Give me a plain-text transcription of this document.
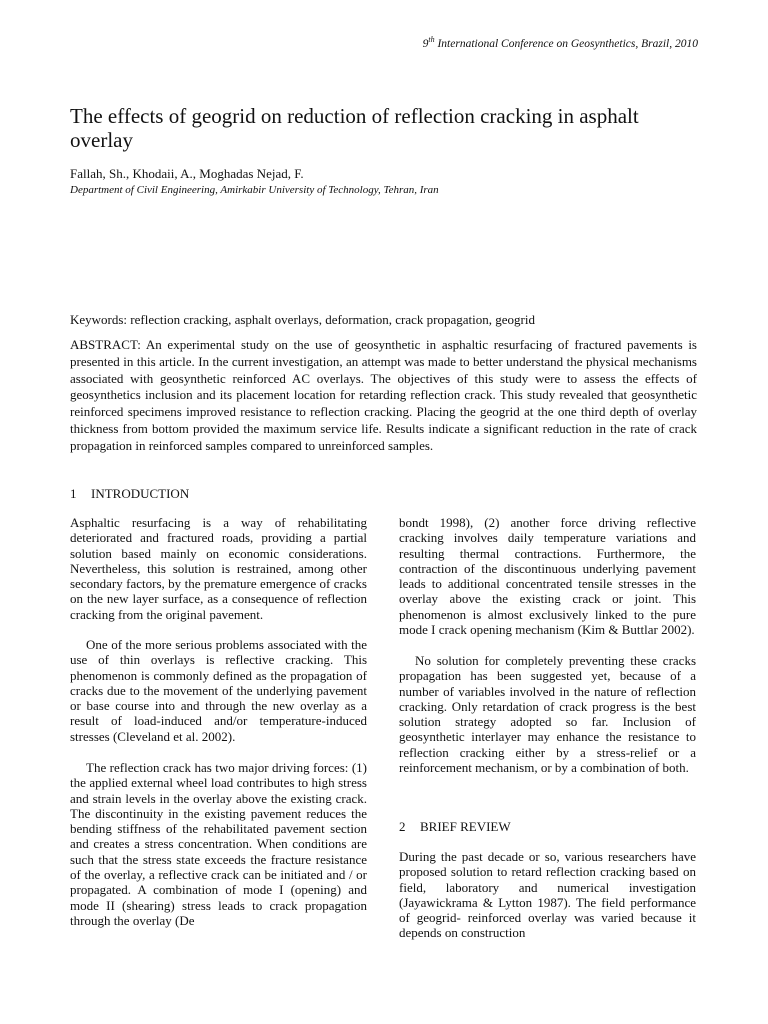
9th International Conference on Geosynthetics, Brazil, 2010
The effects of geogrid on reduction of reflection cracking in asphalt overlay
Fallah, Sh., Khodaii, A., Moghadas Nejad, F.
Department of Civil Engineering, Amirkabir University of Technology, Tehran, Iran
Keywords: reflection cracking, asphalt overlays, deformation, crack propagation, geogrid

ABSTRACT: An experimental study on the use of geosynthetic in asphaltic resurfacing of fractured pavements is presented in this article. In the current investigation, an attempt was made to better understand the physical mechanisms associated with geosynthetic reinforced AC overlays. The objectives of this study were to assess the effects of geosynthetics inclusion and its placement location for retarding reflection crack. This study revealed that geosynthetic reinforced specimens improved resistance to reflection cracking. Placing the geogrid at the one third depth of overlay thickness from bottom provided the maximum service life. Results indicate a significant reduction in the rate of crack propagation in reinforced samples compared to unreinforced samples.

1 INTRODUCTION

Asphaltic resurfacing is a way of rehabilitating deteriorated and fractured roads, providing a partial solution based mainly on economic considerations. Nevertheless, this solution is restrained, among other secondary factors, by the premature emergence of cracks on the new layer surface, as a consequence of reflection cracking from the original pavement.

One of the more serious problems associated with the use of thin overlays is reflective cracking. This phenomenon is commonly defined as the propagation of cracks due to the movement of the underlying pavement or base course into and through the new overlay as a result of load-induced and/or temperature-induced stresses (Cleveland et al. 2002).

The reflection crack has two major driving forces: (1) the applied external wheel load contributes to high stress and strain levels in the overlay above the existing crack. The discontinuity in the existing pavement reduces the bending stiffness of the rehabilitated pavement section and creates a stress concentration. When conditions are such that the stress state exceeds the fracture resistance of the overlay, a reflective crack can be initiated and / or propagated. A combination of mode I (opening) and mode II (shearing) stress leads to crack propagation through the overlay (De

bondt 1998), (2) another force driving reflective cracking involves daily temperature variations and resulting thermal contractions. Furthermore, the contraction of the discontinuous underlying pavement leads to additional concentrated tensile stresses in the overlay above the existing crack or joint. This phenomenon is almost exclusively linked to the pure mode I crack opening mechanism (Kim & Buttlar 2002).

No solution for completely preventing these cracks propagation has been suggested yet, because of a number of variables involved in the nature of reflection cracking. Only retardation of crack progress is the best solution strategy adopted so far. Inclusion of geosynthetic interlayer may enhance the resistance to reflection cracking either by a stress-relief or a reinforcement mechanism, or by a combination of both.

2 BRIEF REVIEW

During the past decade or so, various researchers have proposed solution to retard reflection cracking based on field, laboratory and numerical investigation (Jayawickrama & Lytton 1987). The field performance of geogrid- reinforced overlay was varied because it depends on construction
